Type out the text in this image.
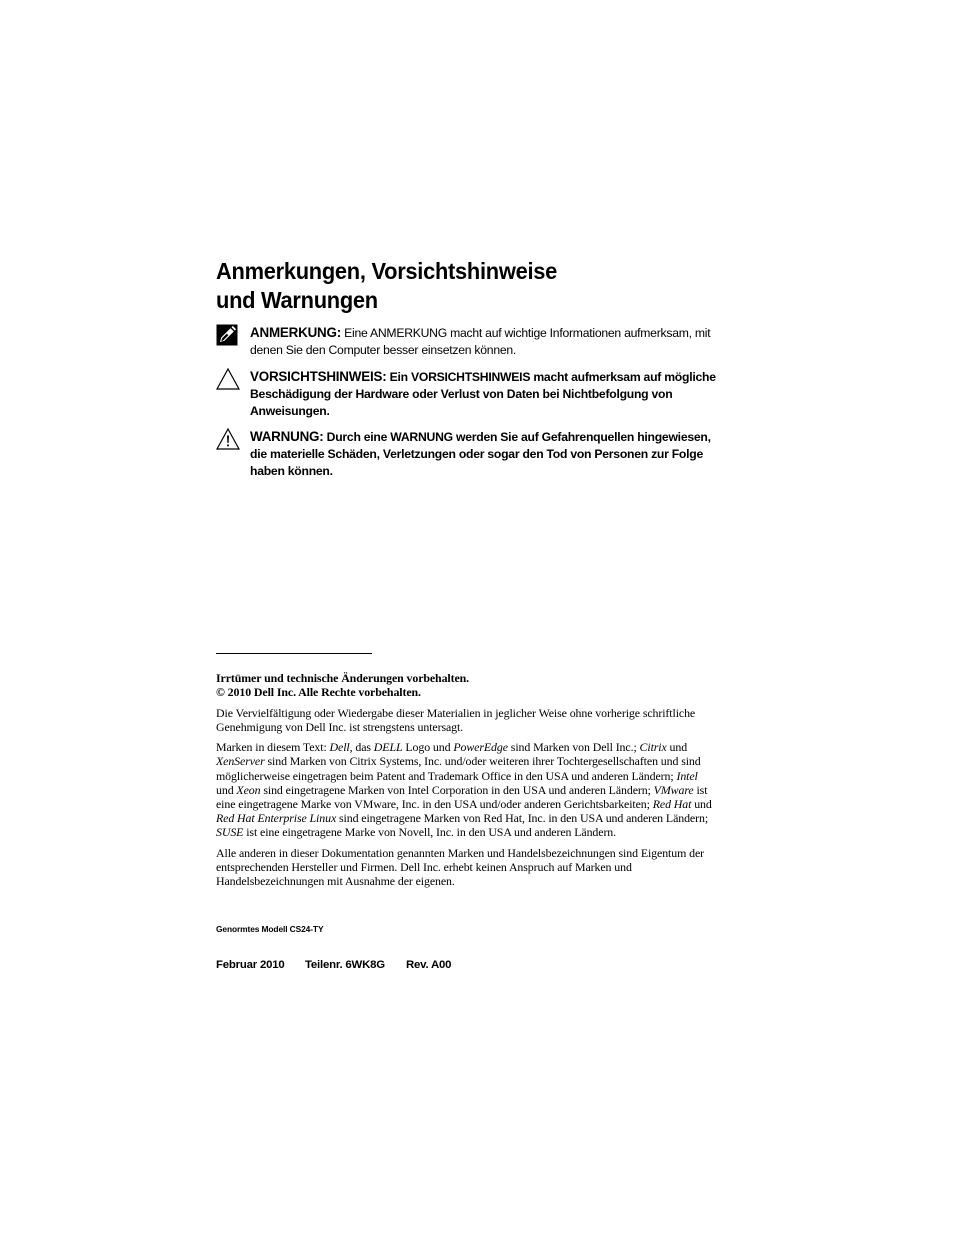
Anmerkungen, Vorsichtshinweise
und Warnungen
ANMERKUNG: Eine ANMERKUNG macht auf wichtige Informationen aufmerksam, mit denen Sie den Computer besser einsetzen können.
VORSICHTSHINWEIS: Ein VORSICHTSHINWEIS macht aufmerksam auf mögliche Beschädigung der Hardware oder Verlust von Daten bei Nichtbefolgung von Anweisungen.
WARNUNG: Durch eine WARNUNG werden Sie auf Gefahrenquellen hingewiesen, die materielle Schäden, Verletzungen oder sogar den Tod von Personen zur Folge haben können.

Irrtümer und technische Änderungen vorbehalten.
© 2010 Dell Inc. Alle Rechte vorbehalten.

Die Vervielfältigung oder Wiedergabe dieser Materialien in jeglicher Weise ohne vorherige schriftliche Genehmigung von Dell Inc. ist strengstens untersagt.

Marken in diesem Text: Dell, das DELL Logo und PowerEdge sind Marken von Dell Inc.; Citrix und XenServer sind Marken von Citrix Systems, Inc. und/oder weiteren ihrer Tochtergesellschaften und sind möglicherweise eingetragen beim Patent and Trademark Office in den USA und anderen Ländern; Intel und Xeon sind eingetragene Marken von Intel Corporation in den USA und anderen Ländern; VMware ist eine eingetragene Marke von VMware, Inc. in den USA und/oder anderen Gerichtsbarkeiten; Red Hat und Red Hat Enterprise Linux sind eingetragene Marken von Red Hat, Inc. in den USA und anderen Ländern; SUSE ist eine eingetragene Marke von Novell, Inc. in den USA und anderen Ländern.

Alle anderen in dieser Dokumentation genannten Marken und Handelsbezeichnungen sind Eigentum der entsprechenden Hersteller und Firmen. Dell Inc. erhebt keinen Anspruch auf Marken und Handelsbezeichnungen mit Ausnahme der eigenen.

Genormtes Modell CS24-TY
Februar 2010	Teilenr. 6WK8G	Rev. A00
